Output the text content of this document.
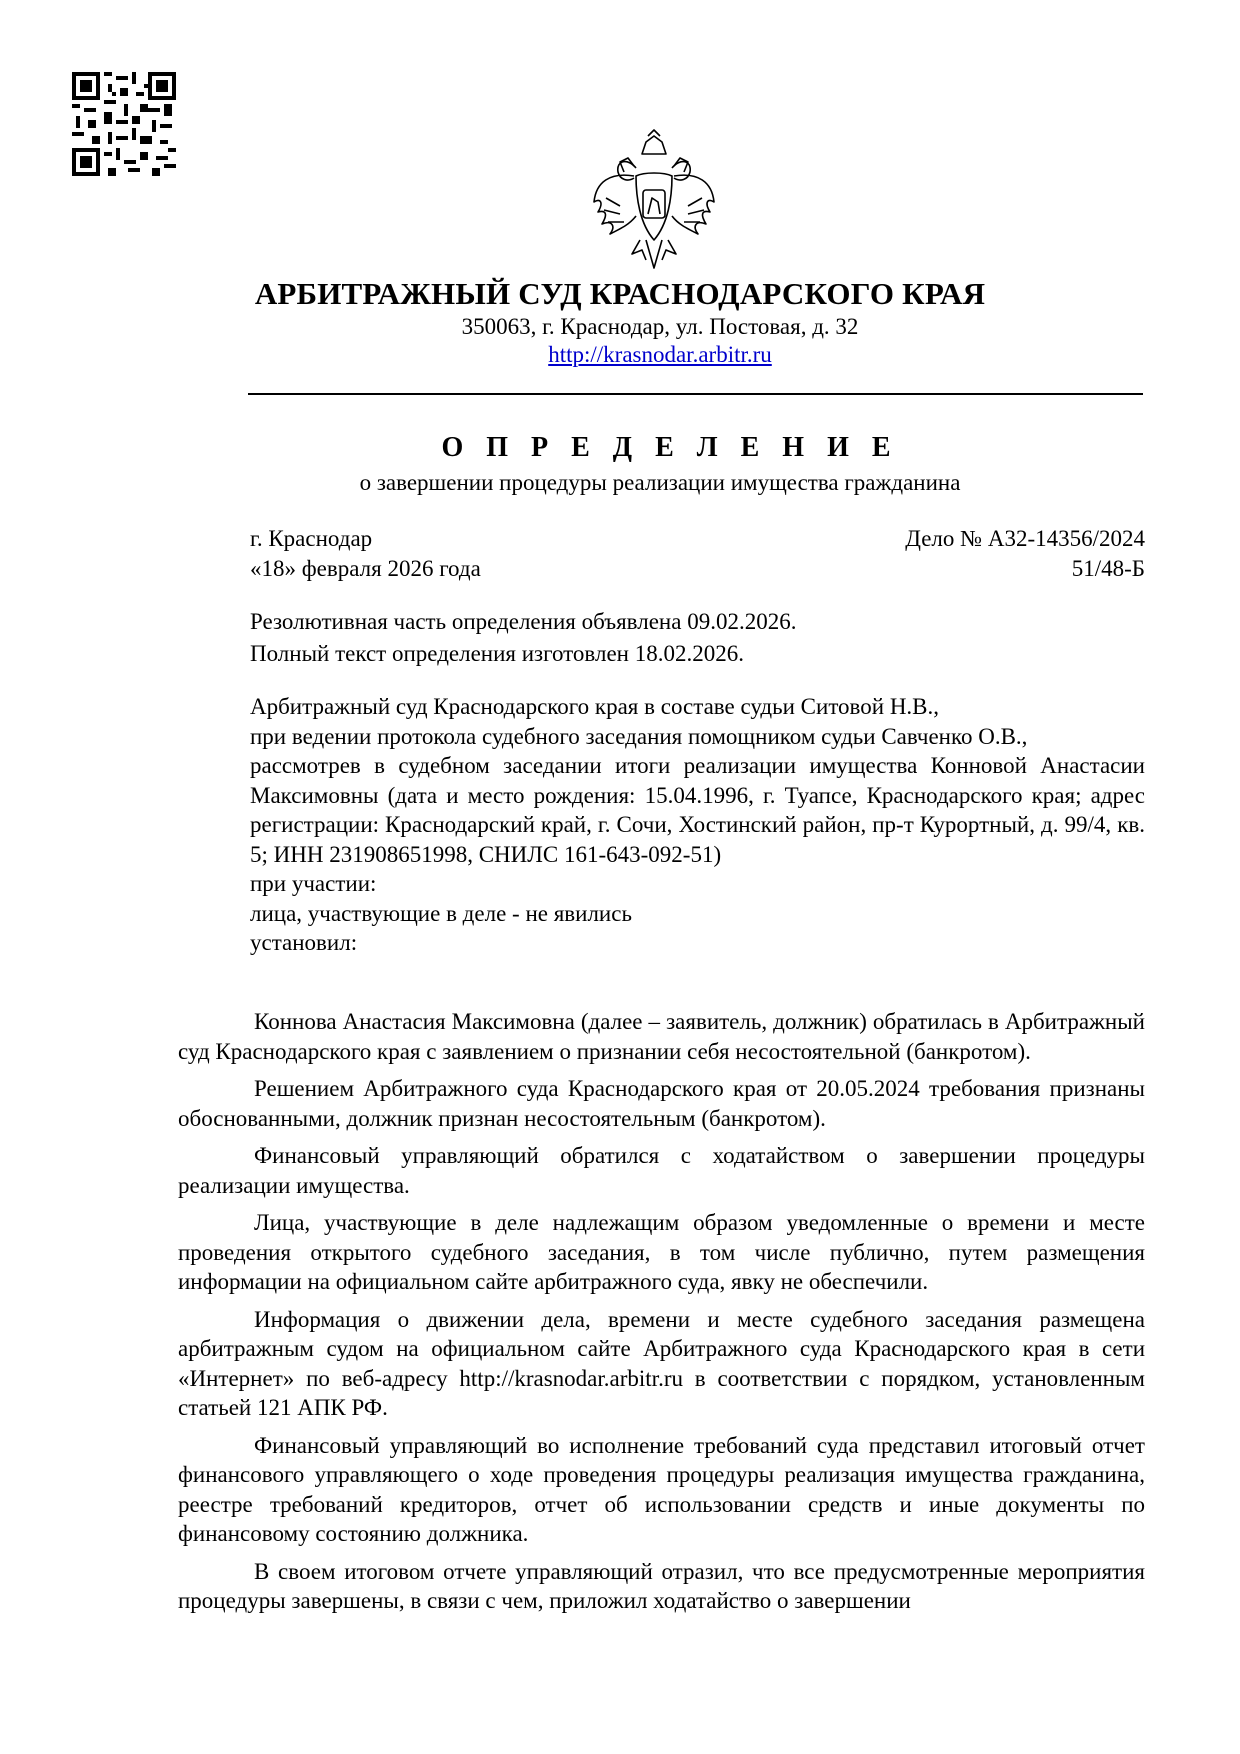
АРБИТРАЖНЫЙ СУД КРАСНОДАРСКОГО КРАЯ
350063, г. Краснодар, ул. Постовая, д. 32
http://krasnodar.arbitr.ru
О П Р Е Д Е Л Е Н И Е
о завершении процедуры реализации имущества гражданина
г. Краснодар
«18» февраля 2026 года
Дело № А32-14356/2024
51/48-Б
Резолютивная часть определения объявлена 09.02.2026.
Полный текст определения изготовлен 18.02.2026.
Арбитражный суд Краснодарского края в составе судьи Ситовой Н.В.,
при ведении протокола судебного заседания помощником судьи Савченко О.В.,
рассмотрев в судебном заседании итоги реализации имущества Конновой Анастасии Максимовны (дата и место рождения: 15.04.1996, г. Туапсе, Краснодарского края; адрес регистрации: Краснодарский край, г. Сочи, Хостинский район, пр-т Курортный, д. 99/4, кв. 5; ИНН 231908651998, СНИЛС 161-643-092-51)
при участии:
лица, участвующие в деле - не явились
установил:

Коннова Анастасия Максимовна (далее – заявитель, должник) обратилась в Арбитражный суд Краснодарского края с заявлением о признании себя несостоятельной (банкротом).

Решением Арбитражного суда Краснодарского края от 20.05.2024 требования признаны обоснованными, должник признан несостоятельным (банкротом).

Финансовый управляющий обратился с ходатайством о завершении процедуры реализации имущества.

Лица, участвующие в деле надлежащим образом уведомленные о времени и месте проведения открытого судебного заседания, в том числе публично, путем размещения информации на официальном сайте арбитражного суда, явку не обеспечили.

Информация о движении дела, времени и месте судебного заседания размещена арбитражным судом на официальном сайте Арбитражного суда Краснодарского края в сети «Интернет» по веб-адресу http://krasnodar.arbitr.ru в соответствии с порядком, установленным статьей 121 АПК РФ.

Финансовый управляющий во исполнение требований суда представил итоговый отчет финансового управляющего о ходе проведения процедуры реализация имущества гражданина, реестре требований кредиторов, отчет об использовании средств и иные документы по финансовому состоянию должника.

В своем итоговом отчете управляющий отразил, что все предусмотренные мероприятия процедуры завершены, в связи с чем, приложил ходатайство о завершении
